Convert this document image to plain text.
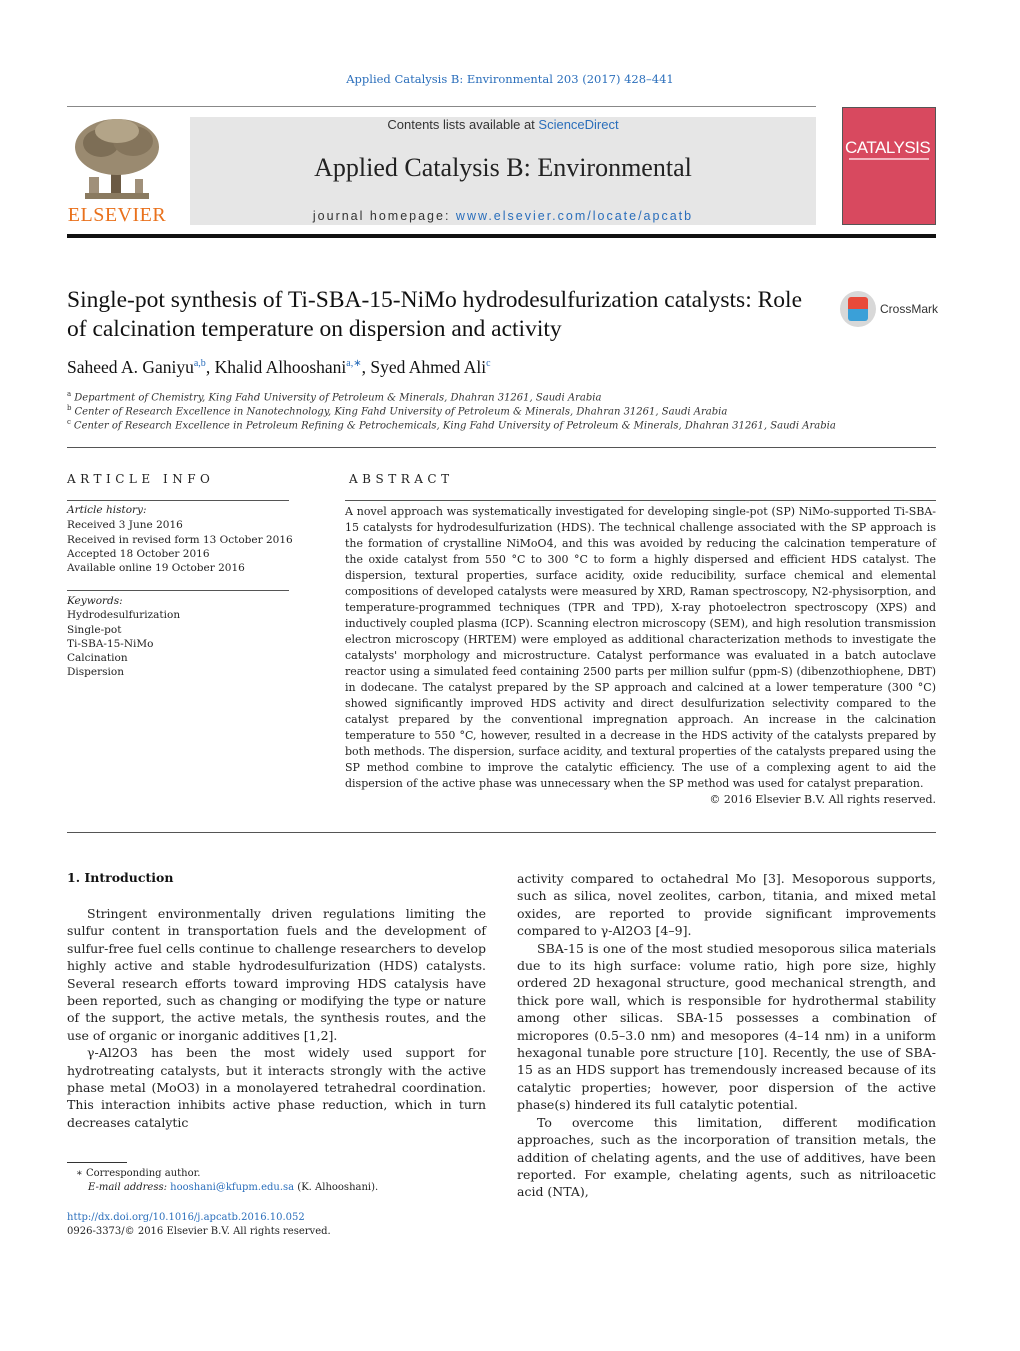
Applied Catalysis B: Environmental 203 (2017) 428–441
ELSEVIER
Contents lists available at ScienceDirect
Applied Catalysis B: Environmental
journal homepage: www.elsevier.com/locate/apcatb
CATALYSIS
Single-pot synthesis of Ti-SBA-15-NiMo hydrodesulfurization catalysts: Role of calcination temperature on dispersion and activity
CrossMark
Saheed A. Ganiyu$^{a,b}$, Khalid Alhooshani$^{a,∗}$, Syed Ahmed Ali$^c$
$^a$ Department of Chemistry, King Fahd University of Petroleum & Minerals, Dhahran 31261, Saudi Arabia
$^b$ Center of Research Excellence in Nanotechnology, King Fahd University of Petroleum & Minerals, Dhahran 31261, Saudi Arabia
$^c$ Center of Research Excellence in Petroleum Refining & Petrochemicals, King Fahd University of Petroleum & Minerals, Dhahran 31261, Saudi Arabia
ARTICLE INFO
Article history:
Received 3 June 2016
Received in revised form 13 October 2016
Accepted 18 October 2016
Available online 19 October 2016
Keywords:
Hydrodesulfurization
Single-pot
Ti-SBA-15-NiMo
Calcination
Dispersion
ABSTRACT
A novel approach was systematically investigated for developing single-pot (SP) NiMo-supported Ti-SBA-15 catalysts for hydrodesulfurization (HDS). The technical challenge associated with the SP approach is the formation of crystalline NiMoO4, and this was avoided by reducing the calcination temperature of the oxide catalyst from 550 °C to 300 °C to form a highly dispersed and efficient HDS catalyst. The dispersion, textural properties, surface acidity, oxide reducibility, surface chemical and elemental compositions of developed catalysts were measured by XRD, Raman spectroscopy, N2-physisorption, and temperature-programmed techniques (TPR and TPD), X-ray photoelectron spectroscopy (XPS) and inductively coupled plasma (ICP). Scanning electron microscopy (SEM), and high resolution transmission electron microscopy (HRTEM) were employed as additional characterization methods to investigate the catalysts' morphology and microstructure. Catalyst performance was evaluated in a batch autoclave reactor using a simulated feed containing 2500 parts per million sulfur (ppm-S) (dibenzothiophene, DBT) in dodecane. The catalyst prepared by the SP approach and calcined at a lower temperature (300 °C) showed significantly improved HDS activity and direct desulfurization selectivity compared to the catalyst prepared by the conventional impregnation approach. An increase in the calcination temperature to 550 °C, however, resulted in a decrease in the HDS activity of the catalysts prepared by both methods. The dispersion, surface acidity, and textural properties of the catalysts prepared using the SP method combine to improve the catalytic efficiency. The use of a complexing agent to aid the dispersion of the active phase was unnecessary when the SP method was used for catalyst preparation.
© 2016 Elsevier B.V. All rights reserved.
1. Introduction

Stringent environmentally driven regulations limiting the sulfur content in transportation fuels and the development of sulfur-free fuel cells continue to challenge researchers to develop highly active and stable hydrodesulfurization (HDS) catalysts. Several research efforts toward improving HDS catalysis have been reported, such as changing or modifying the type or nature of the support, the active metals, the synthesis routes, and the use of organic or inorganic additives [1,2].

γ-Al2O3 has been the most widely used support for hydrotreating catalysts, but it interacts strongly with the active phase metal (MoO3) in a monolayered tetrahedral coordination. This interaction inhibits active phase reduction, which in turn decreases catalytic

activity compared to octahedral Mo [3]. Mesoporous supports, such as silica, novel zeolites, carbon, titania, and mixed metal oxides, are reported to provide significant improvements compared to γ-Al2O3 [4–9].

SBA-15 is one of the most studied mesoporous silica materials due to its high surface: volume ratio, high pore size, highly ordered 2D hexagonal structure, good mechanical strength, and thick pore wall, which is responsible for hydrothermal stability among other silicas. SBA-15 possesses a combination of micropores (0.5–3.0 nm) and mesopores (4–14 nm) in a uniform hexagonal tunable pore structure [10]. Recently, the use of SBA-15 as an HDS support has tremendously increased because of its catalytic properties; however, poor dispersion of the active phase(s) hindered its full catalytic potential.

To overcome this limitation, different modification approaches, such as the incorporation of transition metals, the addition of chelating agents, and the use of additives, have been reported. For example, chelating agents, such as nitriloacetic acid (NTA),

∗ Corresponding author.
E-mail address: hooshani@kfupm.edu.sa (K. Alhooshani).
http://dx.doi.org/10.1016/j.apcatb.2016.10.052
0926-3373/© 2016 Elsevier B.V. All rights reserved.
